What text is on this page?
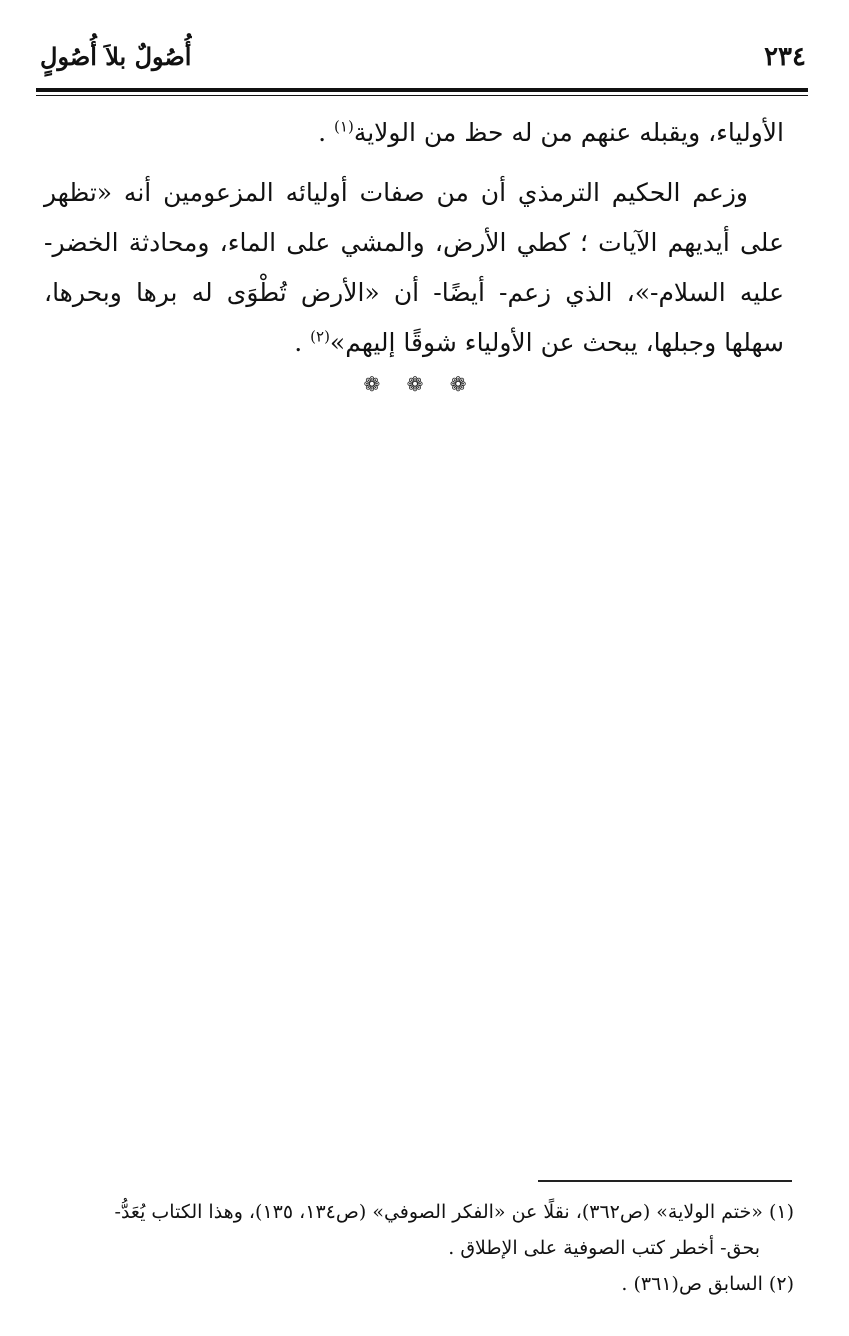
٢٣٤
أُصُولٌ بلاَ أُصُولٍ

الأولياء، ويقبله عنهم من له حظ من الولاية$^{(١)}$ .

وزعم الحكيم الترمذي أن من صفات أوليائه المزعومين أنه «تظهر على أيديهم الآيات ؛ كطي الأرض، والمشي على الماء، ومحادثة الخضر- عليه السلام-»، الذي زعم- أيضًا- أن «الأرض تُطْوَى له برها وبحرها، سهلها وجبلها، يبحث عن الأولياء شوقًا إليهم»$^{(٢)}$ .

❁ ❁ ❁

(١) «ختم الولاية» (ص٣٦٢)، نقلًا عن «الفكر الصوفي» (ص١٣٤، ١٣٥)، وهذا الكتاب يُعَدُّ-

بحق- أخطر كتب الصوفية على الإطلاق .

(٢) السابق ص(٣٦١) .
